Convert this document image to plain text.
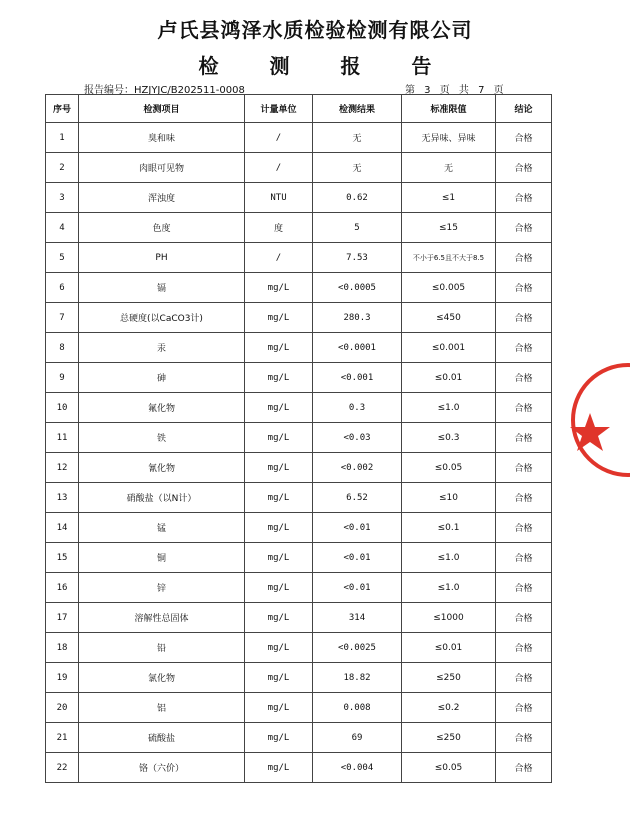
卢氏县鸿泽水质检验检测有限公司
检 测 报 告
报告编号：HZJYJC/B202511-0008	第 3 页 共 7 页
序号	检测项目	计量单位	检测结果	标准限值	结论
1	臭和味	/	无	无异味、异味	合格
2	肉眼可见物	/	无	无	合格
3	浑浊度	NTU	0.62	≤1	合格
4	色度	度	5	≤15	合格
5	PH	/	7.53	不小于6.5且不大于8.5	合格
6	镉	mg/L	<0.0005	≤0.005	合格
7	总硬度(以CaCO3计)	mg/L	280.3	≤450	合格
8	汞	mg/L	<0.0001	≤0.001	合格
9	砷	mg/L	<0.001	≤0.01	合格
10	氟化物	mg/L	0.3	≤1.0	合格
11	铁	mg/L	<0.03	≤0.3	合格
12	氰化物	mg/L	<0.002	≤0.05	合格
13	硝酸盐（以N计）	mg/L	6.52	≤10	合格
14	锰	mg/L	<0.01	≤0.1	合格
15	铜	mg/L	<0.01	≤1.0	合格
16	锌	mg/L	<0.01	≤1.0	合格
17	溶解性总固体	mg/L	314	≤1000	合格
18	铅	mg/L	<0.0025	≤0.01	合格
19	氯化物	mg/L	18.82	≤250	合格
20	铝	mg/L	0.008	≤0.2	合格
21	硫酸盐	mg/L	69	≤250	合格
22	铬（六价）	mg/L	<0.004	≤0.05	合格
